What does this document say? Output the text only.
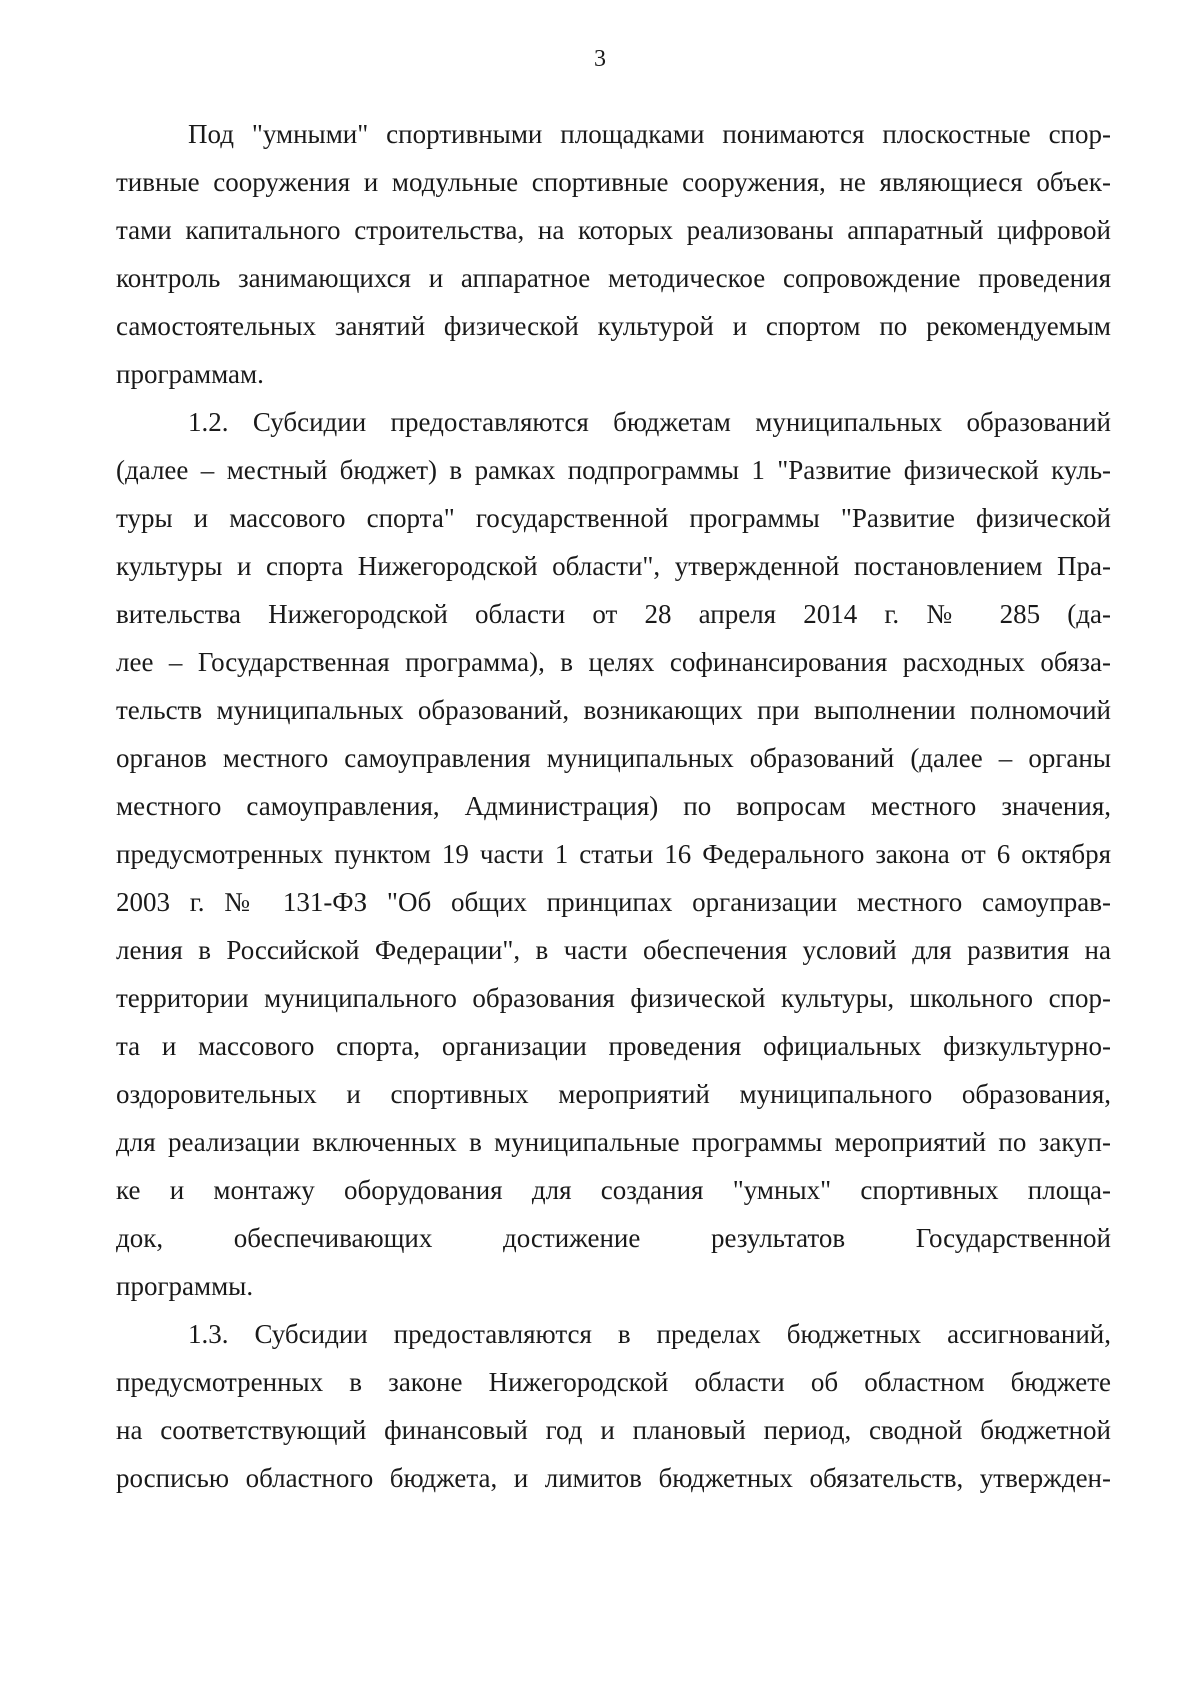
3
Под "умными" спортивными площадками понимаются плоскостные спор-
тивные сооружения и модульные спортивные сооружения, не являющиеся объек-
тами капитального строительства, на которых реализованы аппаратный цифровой
контроль занимающихся и аппаратное методическое сопровождение проведения
самостоятельных занятий физической культурой и спортом по рекомендуемым
программам.
1.2. Субсидии предоставляются бюджетам муниципальных образований
(далее – местный бюджет) в рамках подпрограммы 1 "Развитие физической куль-
туры и массового спорта" государственной программы "Развитие физической
культуры и спорта Нижегородской области", утвержденной постановлением Пра-
вительства Нижегородской области от 28 апреля 2014 г. № 285 (да-
лее – Государственная программа), в целях софинансирования расходных обяза-
тельств муниципальных образований, возникающих при выполнении полномочий
органов местного самоуправления муниципальных образований (далее – органы
местного самоуправления, Администрация) по вопросам местного значения,
предусмотренных пунктом 19 части 1 статьи 16 Федерального закона от 6 октября
2003 г. № 131-ФЗ "Об общих принципах организации местного самоуправ-
ления в Российской Федерации", в части обеспечения условий для развития на
территории муниципального образования физической культуры, школьного спор-
та и массового спорта, организации проведения официальных физкультурно-
оздоровительных и спортивных мероприятий муниципального образования,
для реализации включенных в муниципальные программы мероприятий по закуп-
ке и монтажу оборудования для создания "умных" спортивных площа-
док, обеспечивающих достижение результатов Государственной
программы.
1.3. Субсидии предоставляются в пределах бюджетных ассигнований,
предусмотренных в законе Нижегородской области об областном бюджете
на соответствующий финансовый год и плановый период, сводной бюджетной
росписью областного бюджета, и лимитов бюджетных обязательств, утвержден-
